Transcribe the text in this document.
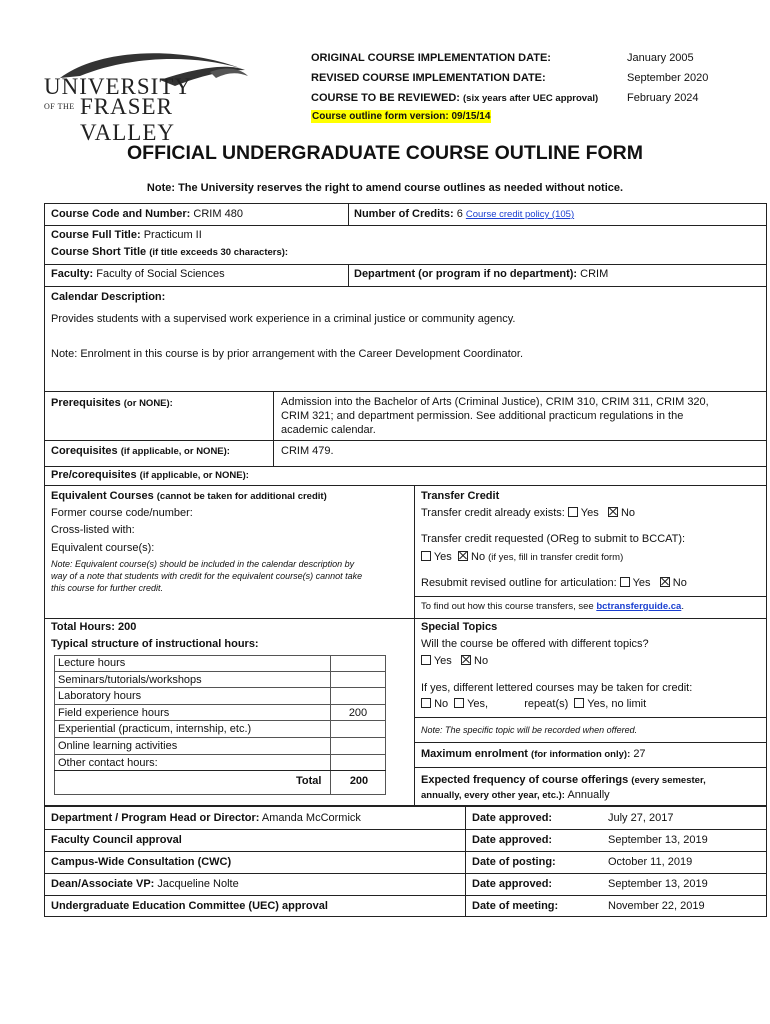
UNIVERSITY
OF THE FRASER VALLEY
ORIGINAL COURSE IMPLEMENTATION DATE:	January 2005
REVISED COURSE IMPLEMENTATION DATE:	September 2020
COURSE TO BE REVIEWED: (six years after UEC approval)	February 2024
Course outline form version: 09/15/14
OFFICIAL UNDERGRADUATE COURSE OUTLINE FORM
Note: The University reserves the right to amend course outlines as needed without notice.
Course Code and Number: CRIM 480	Number of Credits: 6 Course credit policy (105)
Course Full Title: Practicum II
Course Short Title (if title exceeds 30 characters):
Faculty: Faculty of Social Sciences	Department (or program if no department): CRIM
Calendar Description:
Provides students with a supervised work experience in a criminal justice or community agency.
Note: Enrolment in this course is by prior arrangement with the Career Development Coordinator.
Prerequisites (or NONE):	Admission into the Bachelor of Arts (Criminal Justice), CRIM 310, CRIM 311, CRIM 320,
CRIM 321; and department permission. See additional practicum regulations in the
academic calendar.
Corequisites (if applicable, or NONE):	CRIM 479.
Pre/corequisites (if applicable, or NONE):
Equivalent Courses (cannot be taken for additional credit)
Former course code/number:
Cross-listed with:
Equivalent course(s):
Note: Equivalent course(s) should be included in the calendar description by
way of a note that students with credit for the equivalent course(s) cannot take
this course for further credit.
Transfer Credit
Transfer credit already exists: Yes No
Transfer credit requested (OReg to submit to BCCAT):
Yes No (if yes, fill in transfer credit form)
Resubmit revised outline for articulation: Yes No
To find out how this course transfers, see bctransferguide.ca.
Total Hours: 200
Typical structure of instructional hours:
Lecture hours
Seminars/tutorials/workshops
Laboratory hours
Field experience hours	200
Experiential (practicum, internship, etc.)
Online learning activities
Other contact hours:
Total	200
Special Topics
Will the course be offered with different topics?
Yes No
If yes, different lettered courses may be taken for credit:
No Yes,	repeat(s) Yes, no limit
Note: The specific topic will be recorded when offered.
Maximum enrolment (for information only): 27
Expected frequency of course offerings (every semester,
annually, every other year, etc.): Annually
Department / Program Head or Director: Amanda McCormick	Date approved:	July 27, 2017
Faculty Council approval	Date approved:	September 13, 2019
Campus-Wide Consultation (CWC)	Date of posting:	October 11, 2019
Dean/Associate VP: Jacqueline Nolte	Date approved:	September 13, 2019
Undergraduate Education Committee (UEC) approval	Date of meeting:	November 22, 2019
